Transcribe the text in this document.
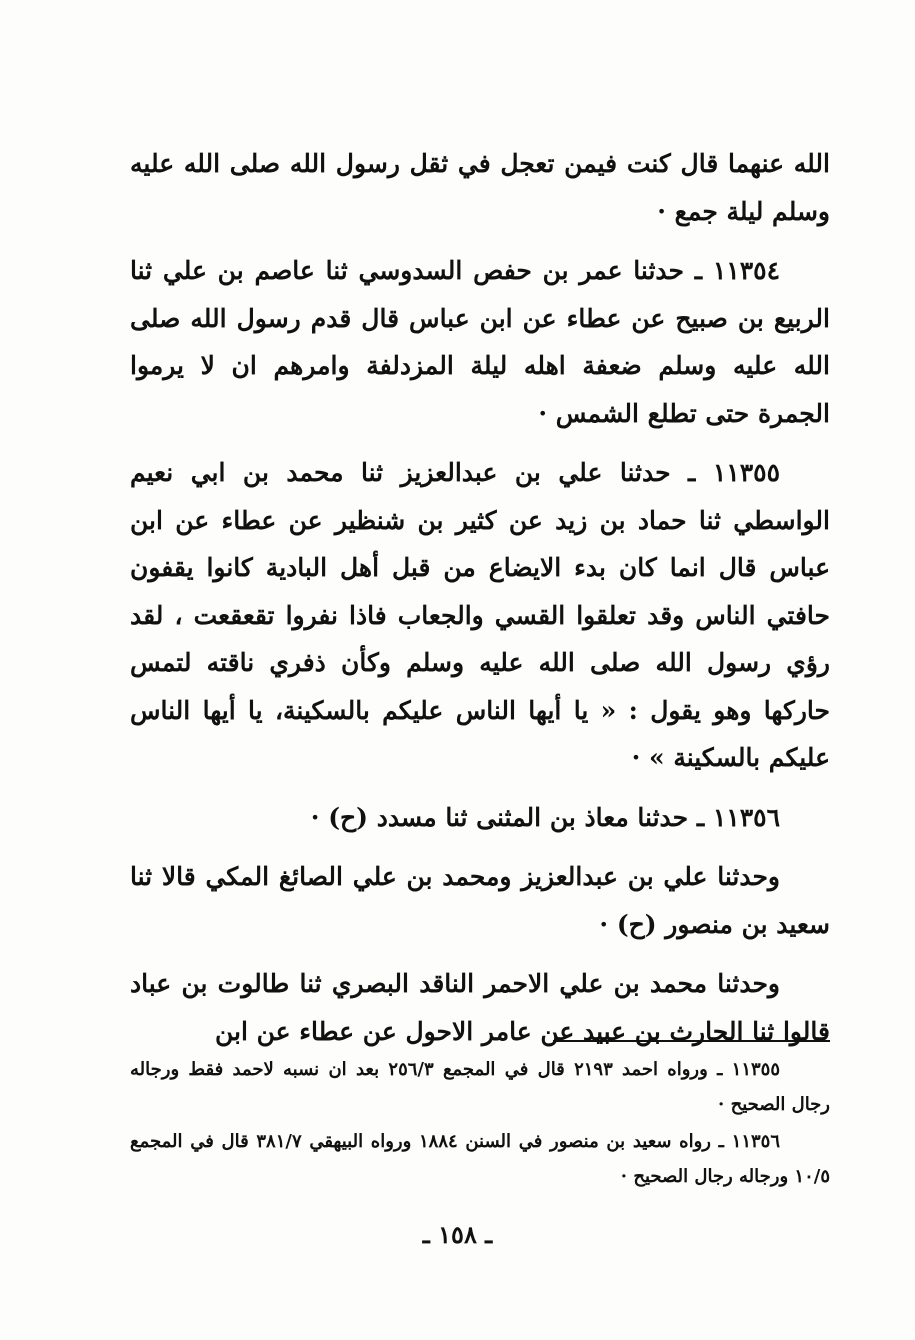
الله عنهما قال كنت فيمن تعجل في ثقل رسول الله صلى الله عليه وسلم ليلة جمع ·

١١٣٥٤ ـ حدثنا عمر بن حفص السدوسي ثنا عاصم بن علي ثنا الربيع بن صبيح عن عطاء عن ابن عباس قال قدم رسول الله صلى الله عليه وسلم ضعفة اهله ليلة المزدلفة وامرهم ان لا يرموا الجمرة حتى تطلع الشمس ·

١١٣٥٥ ـ حدثنا علي بن عبدالعزيز ثنا محمد بن ابي نعيم الواسطي ثنا حماد بن زيد عن كثير بن شنظير عن عطاء عن ابن عباس قال انما كان بدء الايضاع من قبل أهل البادية كانوا يقفون حافتي الناس وقد تعلقوا القسي والجعاب فاذا نفروا تقعقعت ، لقد رؤي رسول الله صلى الله عليه وسلم وكأن ذفري ناقته لتمس حاركها وهو يقول : « يا أيها الناس عليكم بالسكينة، يا أيها الناس عليكم بالسكينة » ·

١١٣٥٦ ـ حدثنا معاذ بن المثنى ثنا مسدد (ح) ·

وحدثنا علي بن عبدالعزيز ومحمد بن علي الصائغ المكي قالا ثنا سعيد بن منصور (ح) ·

وحدثنا محمد بن علي الاحمر الناقد البصري ثنا طالوت بن عباد قالوا ثنا الحارث بن عبيد عن عامر الاحول عن عطاء عن ابن

١١٣٥٥ ـ ورواه احمد ٢١٩٣ قال في المجمع ٢٥٦/٣ بعد ان نسبه لاحمد فقط ورجاله رجال الصحيح ·

١١٣٥٦ ـ رواه سعيد بن منصور في السنن ١٨٨٤ ورواه البيهقي ٣٨١/٧ قال في المجمع ١٠/٥ ورجاله رجال الصحيح ·

ـ ١٥٨ ـ
